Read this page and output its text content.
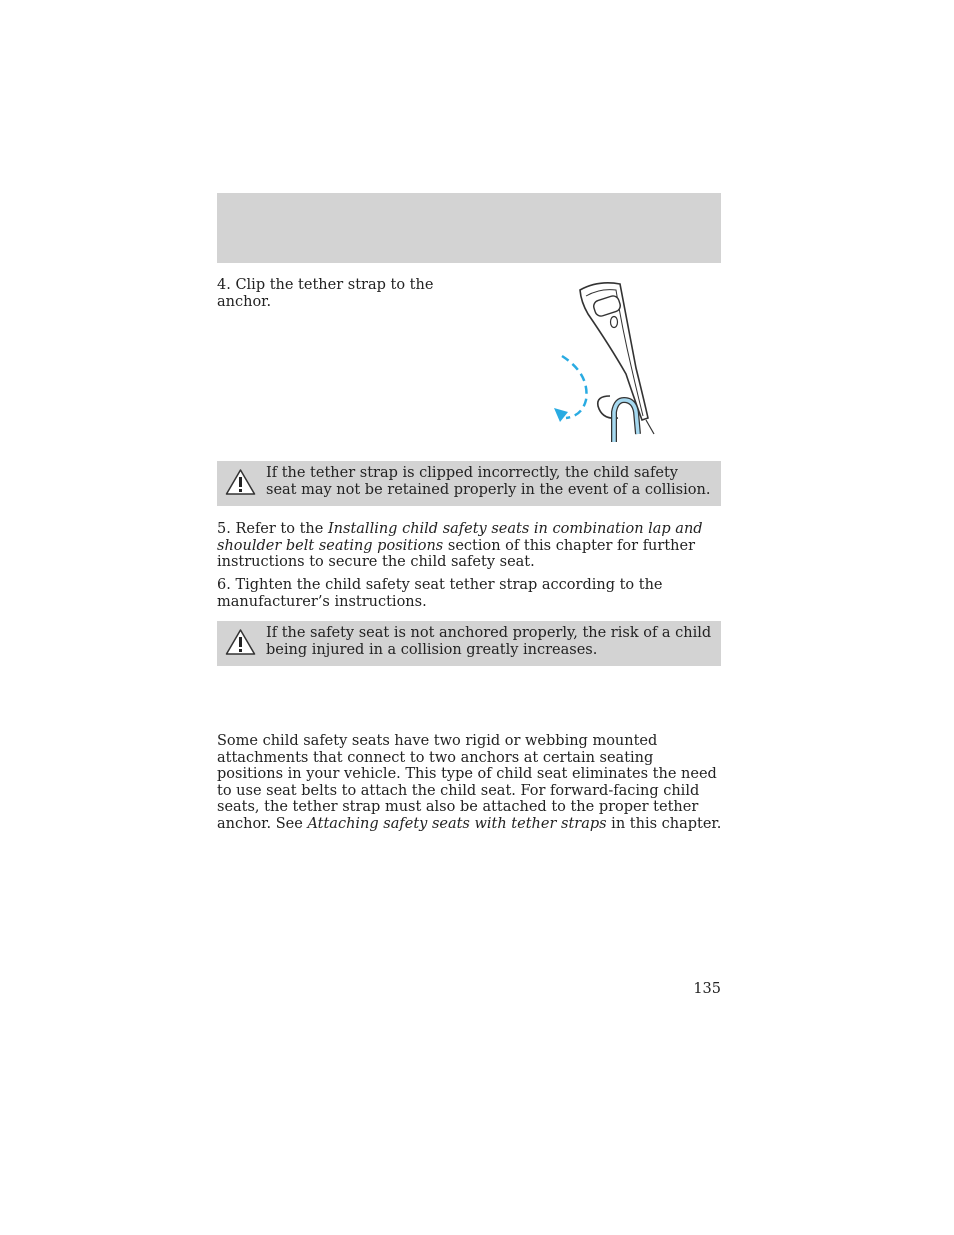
4. Clip the tether strap to the anchor.
If the tether strap is clipped incorrectly, the child safety seat may not be retained properly in the event of a collision.

5. Refer to the Installing child safety seats in combination lap and shoulder belt seating positions section of this chapter for further instructions to secure the child safety seat.

6. Tighten the child safety seat tether strap according to the manufacturer’s instructions.

If the safety seat is not anchored properly, the risk of a child being injured in a collision greatly increases.

Some child safety seats have two rigid or webbing mounted attachments that connect to two anchors at certain seating positions in your vehicle. This type of child seat eliminates the need to use seat belts to attach the child seat. For forward-facing child seats, the tether strap must also be attached to the proper tether anchor. See Attaching safety seats with tether straps in this chapter.

135
